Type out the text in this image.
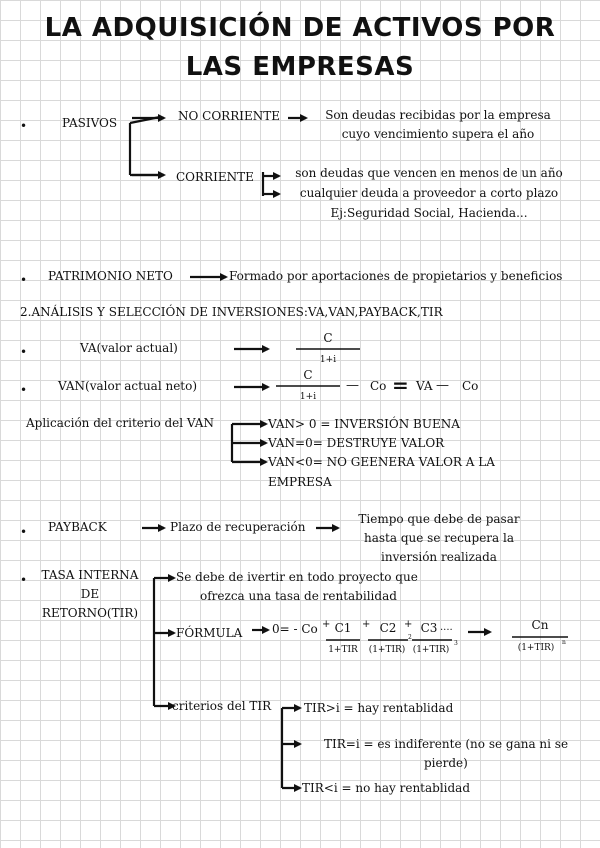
LA ADQUISICIÓN DE ACTIVOS POR
LAS EMPRESAS
•	PASIVOS	NO CORRIENTE	Son deudas recibidas por la empresa
cuyo vencimiento supera el año
CORRIENTE	son deudas que vencen en menos de un año
cualquier deuda a proveedor a corto plazo
Ej:Seguridad Social, Hacienda...
• PATRIMONIO NETO	Formado por aportaciones de propietarios y beneficios
2.ANÁLISIS Y SELECCIÓN DE INVERSIONES:VA,VAN,PAYBACK,TIR
•	VA(valor actual)
C
1+i
•	VAN(valor actual neto)
C
1+i
— Co = VA — Co
Aplicación del criterio del VAN	VAN> 0 = INVERSIÓN BUENA
VAN=0= DESTRUYE VALOR
VAN<0= NO GEENERA VALOR A LA
EMPRESA
• PAYBACK	Plazo de recuperación
Tiempo que debe de pasar
hasta que se recupera la
inversión realizada
•	TASA INTERNA
DE
RETORNO(TIR)
Se debe de ivertir en todo proyecto que
ofrezca una tasa de rentabilidad
FÓRMULA 0= - Co + C1
1+TIR
+ C2
(1+TIR)
2
+ C3 ....
(1+TIR)
3
Cn
(1+TIR)
n
criterios del TIR	TIR>i = hay rentablidad
TIR=i = es indiferente (no se gana ni se
pierde)
TIR<i = no hay rentablidad
